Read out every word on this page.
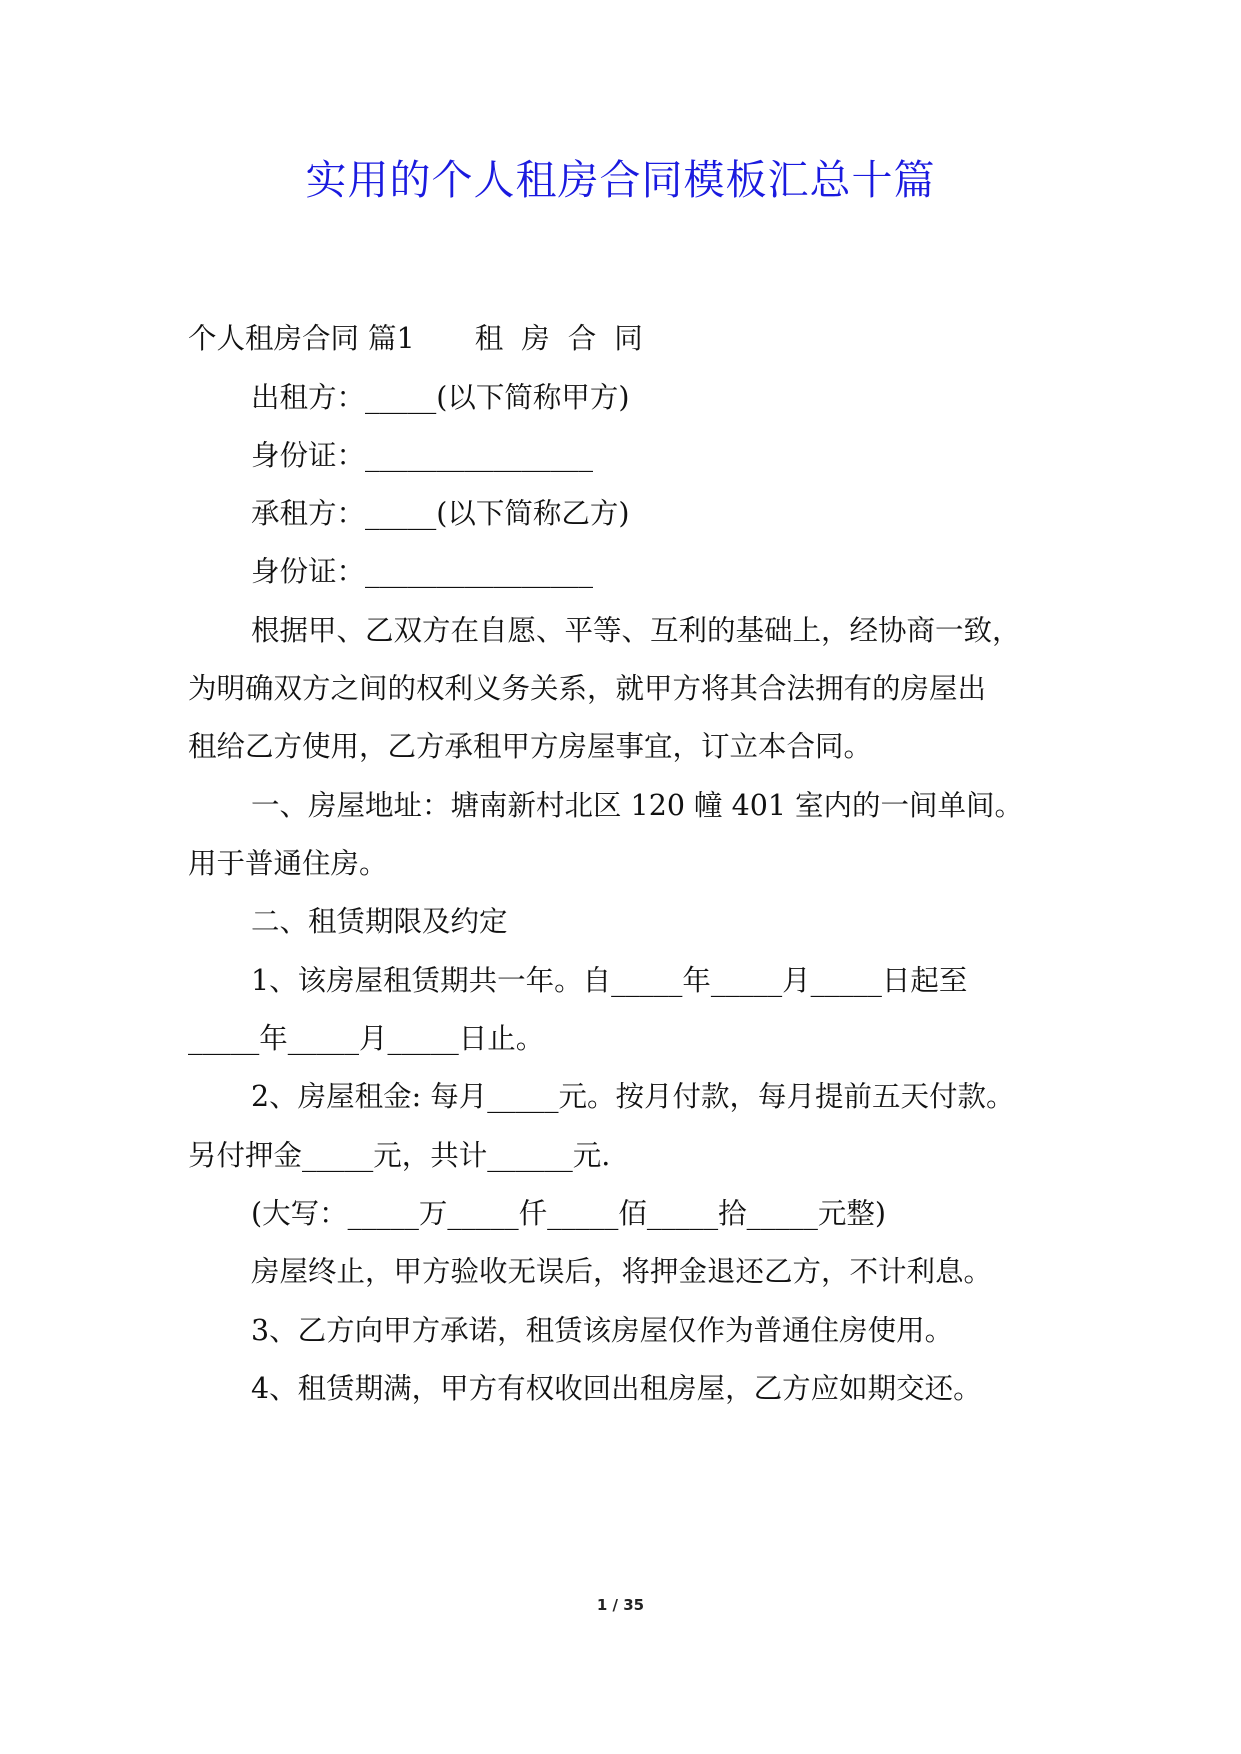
实用的个人租房合同模板汇总十篇
个人租房合同 篇1 租房合同

出租方：_____(以下简称甲方)

身份证：________________

承租方：_____(以下简称乙方)

身份证：________________

根据甲、乙双方在自愿、平等、互利的基础上，经协商一致，

为明确双方之间的权利义务关系，就甲方将其合法拥有的房屋出

租给乙方使用，乙方承租甲方房屋事宜，订立本合同。

一、房屋地址：塘南新村北区 120 幢 401 室内的一间单间。

用于普通住房。

二、租赁期限及约定

1、该房屋租赁期共一年。自_____年_____月_____日起至

_____年_____月_____日止。

2、房屋租金: 每月_____元。按月付款，每月提前五天付款。

另付押金_____元，共计______元.

(大写：_____万_____仟_____佰_____拾_____元整)

房屋终止，甲方验收无误后，将押金退还乙方，不计利息。

3、乙方向甲方承诺，租赁该房屋仅作为普通住房使用。

4、租赁期满，甲方有权收回出租房屋，乙方应如期交还。

1 / 35
